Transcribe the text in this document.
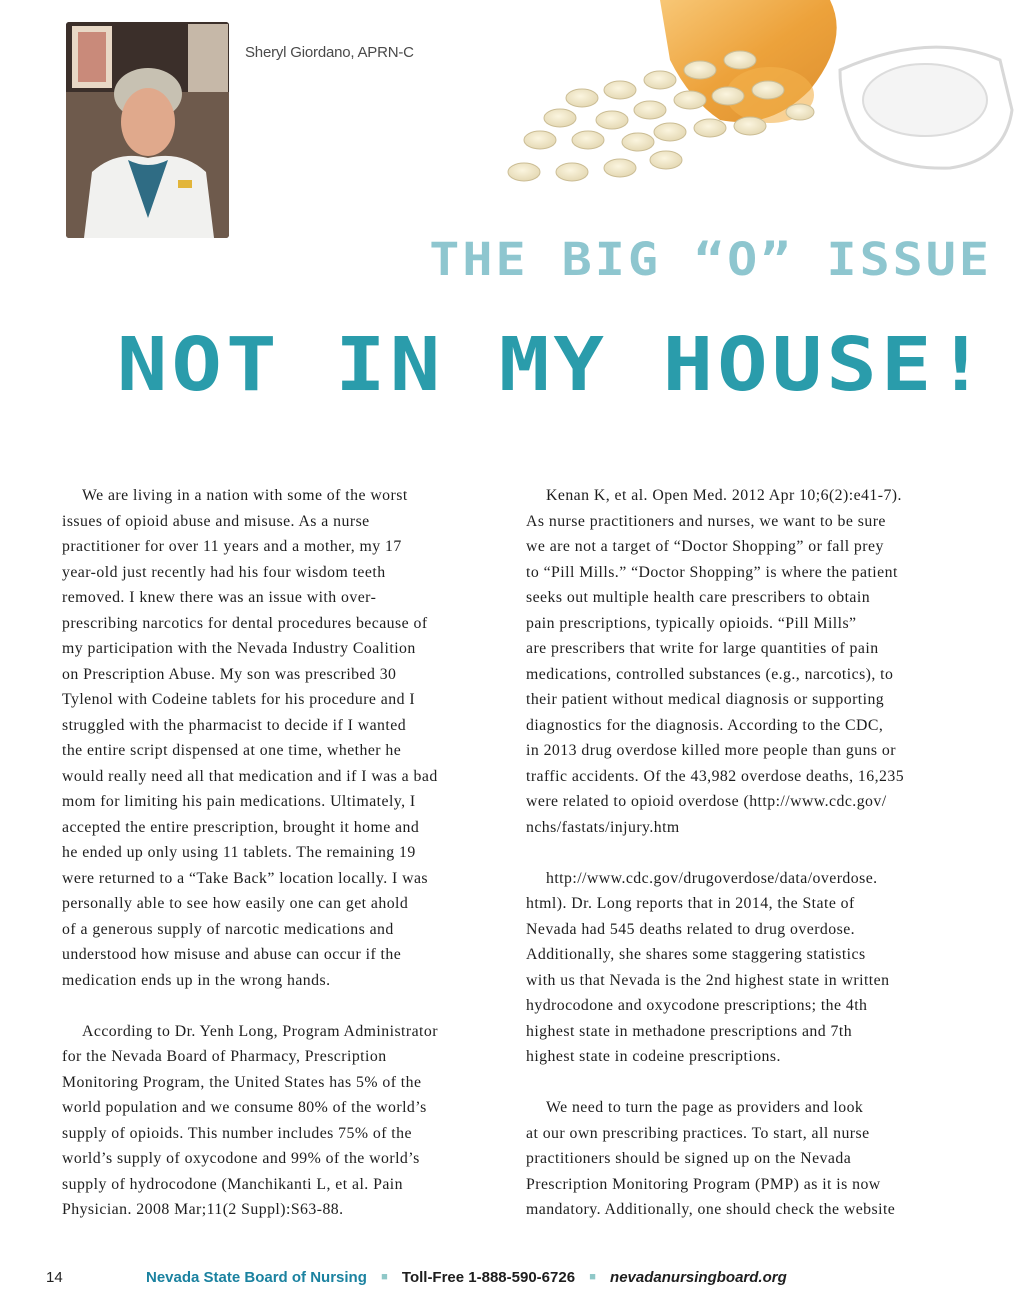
Sheryl Giordano, APRN-C
THE BIG “O” ISSUE
NOT IN MY HOUSE!
We are living in a nation with some of the worst
issues of opioid abuse and misuse. As a nurse
practitioner for over 11 years and a mother, my 17
year-old just recently had his four wisdom teeth
removed. I knew there was an issue with over-
prescribing narcotics for dental procedures because of
my participation with the Nevada Industry Coalition
on Prescription Abuse. My son was prescribed 30
Tylenol with Codeine tablets for his procedure and I
struggled with the pharmacist to decide if I wanted
the entire script dispensed at one time, whether he
would really need all that medication and if I was a bad
mom for limiting his pain medications. Ultimately, I
accepted the entire prescription, brought it home and
he ended up only using 11 tablets. The remaining 19
were returned to a “Take Back” location locally. I was
personally able to see how easily one can get ahold
of a generous supply of narcotic medications and
understood how misuse and abuse can occur if the
medication ends up in the wrong hands.
According to Dr. Yenh Long, Program Administrator
for the Nevada Board of Pharmacy, Prescription
Monitoring Program, the United States has 5% of the
world population and we consume 80% of the world’s
supply of opioids. This number includes 75% of the
world’s supply of oxycodone and 99% of the world’s
supply of hydrocodone (Manchikanti L, et al. Pain
Physician. 2008 Mar;11(2 Suppl):S63-88.
Kenan K, et al. Open Med. 2012 Apr 10;6(2):e41-7).
As nurse practitioners and nurses, we want to be sure
we are not a target of “Doctor Shopping” or fall prey
to “Pill Mills.” “Doctor Shopping” is where the patient
seeks out multiple health care prescribers to obtain
pain prescriptions, typically opioids. “Pill Mills”
are prescribers that write for large quantities of pain
medications, controlled substances (e.g., narcotics), to
their patient without medical diagnosis or supporting
diagnostics for the diagnosis. According to the CDC,
in 2013 drug overdose killed more people than guns or
traffic accidents. Of the 43,982 overdose deaths, 16,235
were related to opioid overdose (http://www.cdc.gov/
nchs/fastats/injury.htm
http://www.cdc.gov/drugoverdose/data/overdose.
html). Dr. Long reports that in 2014, the State of
Nevada had 545 deaths related to drug overdose.
Additionally, she shares some staggering statistics
with us that Nevada is the 2nd highest state in written
hydrocodone and oxycodone prescriptions; the 4th
highest state in methadone prescriptions and 7th
highest state in codeine prescriptions.
We need to turn the page as providers and look
at our own prescribing practices. To start, all nurse
practitioners should be signed up on the Nevada
Prescription Monitoring Program (PMP) as it is now
mandatory. Additionally, one should check the website
14	Nevada State Board of Nursing ■ Toll-Free 1-888-590-6726 ■ nevadanursingboard.org
